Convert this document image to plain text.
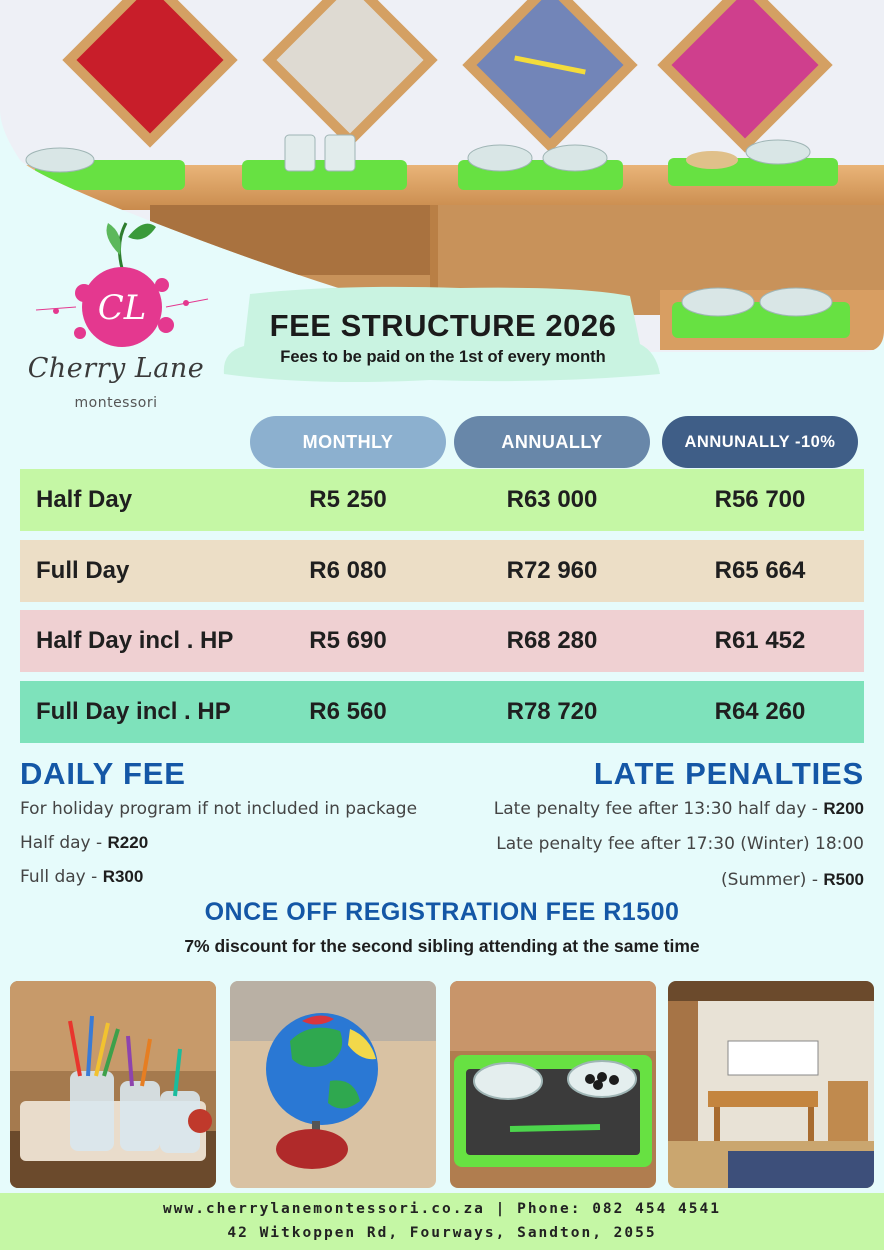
CL
Cherry Lane
montessori
FEE STRUCTURE 2026
Fees to be paid on the 1st of every month
MONTHLY	ANNUALLY	ANNUNALLY -10%
Half Day	R5 250	R63 000	R56 700
Full Day	R6 080	R72 960	R65 664
Half Day incl . HP	R5 690	R68 280	R61 452
Full Day incl . HP	R6 560	R78 720	R64 260
DAILY FEE
For holiday program if not included in package
Half day - R220
Full day - R300
LATE PENALTIES
Late penalty fee after 13:30 half day - R200
Late penalty fee after 17:30 (Winter) 18:00
(Summer) - R500
ONCE OFF REGISTRATION FEE R1500
7% discount for the second sibling attending at the same time
www.cherrylanemontessori.co.za | Phone: 082 454 4541
42 Witkoppen Rd, Fourways, Sandton, 2055
